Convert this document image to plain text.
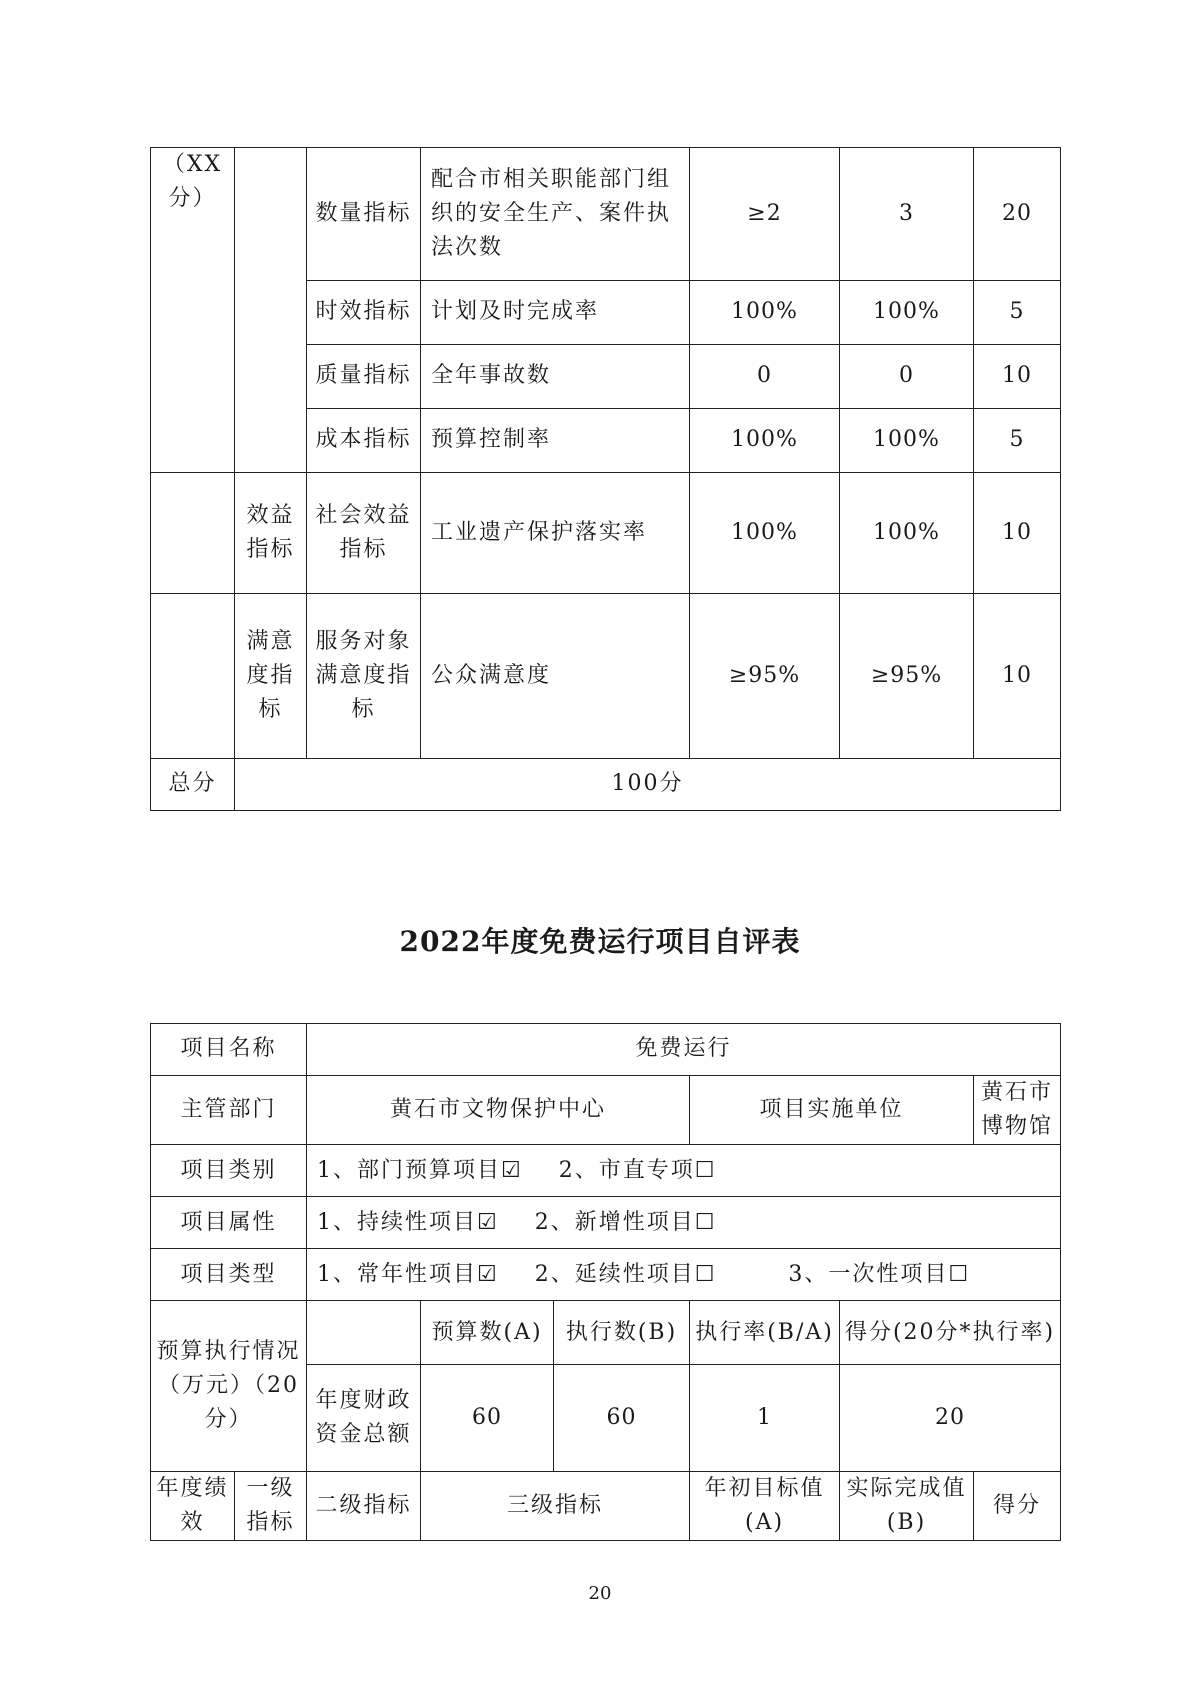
（XX分）		数量指标	配合市相关职能部门组织的安全生产、案件执法次数	≥2	3	20
		时效指标	计划及时完成率	100%	100%	5
		质量指标	全年事故数	0	0	10
		成本指标	预算控制率	100%	100%	5
	效益指标	社会效益指标	工业遗产保护落实率	100%	100%	10
	满意度指标	服务对象满意度指标	公众满意度	≥95%	≥95%	10
总分	100分					
2022年度免费运行项目自评表
项目名称		免费运行					
主管部门		黄石市文物保护中心			项目实施单位		黄石市博物馆
项目类别		1、部门预算项目☑ 2、市直专项☐					
项目属性		1、持续性项目☑ 2、新增性项目☐					
项目类型		1、常年性项目☑ 2、延续性项目☐ 3、一次性项目☐					
预算执行情况（万元）（20分）			预算数(A)	执行数(B)	执行率(B/A)	得分(20分*执行率)	
		年度财政资金总额	60	60	1	20	
年度绩效	一级指标	二级指标	三级指标		年初目标值(A)	实际完成值(B)	得分
20
